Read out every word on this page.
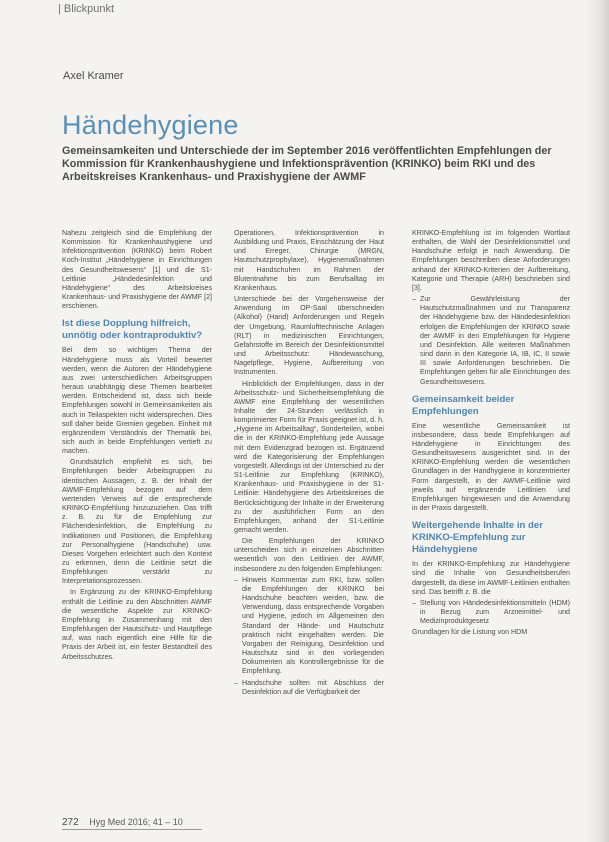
| Blickpunkt
Axel Kramer
Händehygiene
Gemeinsamkeiten und Unterschiede der im September 2016 veröffentlichten Empfehlungen der Kommission für Krankenhaushygiene und Infektionsprävention (KRINKO) beim RKI und des Arbeitskreises Krankenhaus- und Praxishygiene der AWMF

Nahezu zeitgleich sind die Empfehlung der Kommission für Krankenhaushygiene und Infektionsprävention (KRINKO) beim Robert Koch-Institut „Händehygiene in Einrichtungen des Gesundheitswesens“ [1] und die S1-Leitlinie „Händedesinfektion und Händehygiene“ des Arbeitskreises Krankenhaus- und Praxishygiene der AWMF [2] erschienen.

Ist diese Dopplung hilfreich, unnötig oder kontraproduktiv?

Bei dem so wichtigen Thema der Händehygiene muss als Vorteil bewertet werden, wenn die Autoren der Händehygiene aus zwei unterschiedlichen Arbeitsgruppen heraus unabhängig diese Themen bearbeitet werden. Entscheidend ist, dass sich beide Empfehlungen sowohl in Gemeinsamkeiten als auch in Teilaspekten nicht widersprechen. Dies soll daher beide Gremien gegeben. Einheit mit ergänzendem Verständnis der Thematik bei, sich auch in beide Empfehlungen vertieft zu machen.

Grundsätzlich empfiehlt es sich, bei Empfehlungen beider Arbeitsgruppen zu identischen Aussagen, z. B. der Inhalt der AWMF-Empfehlung bezogen auf dem wertenden Verweis auf die entsprechende KRINKO-Empfehlung hinzuzuziehen. Das trifft z. B. zu für die Empfehlung zur Flächendesinfektion, die Empfehlung zu Indikationen und Positionen, die Empfehlung zur Personalhygiene (Handschuhe) usw. Dieses Vorgehen erleichtert auch den Kontext zu erkennen, denn die Leitlinie setzt die Empfehlungen verstärkt zu Interpretationsprozessen.

In Ergänzung zu der KRINKO-Empfehlung enthält die Leitlinie zu den Abschnitten AWMF die wesentliche Aspekte zur KRINKO-Empfehlung in Zusammenhang mit den Empfehlungen der Hautschutz- und Hautpflege auf, was nach eigentlich eine Hilfe für die Praxis der Arbeit ist, ein fester Bestandteil des Arbeitsschutzes.

Operationen, Infektionsprävention in Ausbildung und Praxis, Einschätzung der Haut und Erreger, Chirurgie (MRGN, Hautschutzprophylaxe), Hygienemaßnahmen mit Handschuhen im Rahmen der Blutentnahme bis zum Berufsalltag im Krankenhaus.

Unterschiede bei der Vorgehensweise der Anwendung im OP-Saal überschneiden (Alkohol) (Hand) Anforderungen und Regeln der Umgebung, Raumlufttechnische Anlagen (RLT) in medizinischen Einrichtungen, Gefahrstoffe im Bereich der Desinfektionsmittel und Arbeitsschutz: Händewaschung, Nagelpflege, Hygiene, Aufbereitung von Instrumenten.

Hinblicklich der Empfehlungen, dass in der Arbeitsschutz- und Sicherheitsempfehlung die AWMF eine Empfehlung der wesentlichen Inhalte der 24-Stunden verlässlich in komprimierter Form für Praxis geeignet ist, d. h. „Hygiene im Arbeitsalltag“, Sonderteilen, wobei die in der KRINKO-Empfehlung jede Aussage mit dem Evidenzgrad bezogen ist. Ergänzend wird die Kategorisierung der Empfehlungen vorgestellt. Allerdings ist der Unterschied zu der S1-Leitlinie zur Empfehlung (KRINKO), Krankenhaus- und Praxishygiene in der S1-Leitlinie: Händehygiene des Arbeitskreises die Berücksichtigung der Inhalte in der Erweiterung zu der ausführlichen Form an den Empfehlungen, anhand der S1-Leitlinie gemacht werden.

Die Empfehlungen der KRINKO unterscheiden sich in einzelnen Abschnitten wesentlich von den Leitlinien der AWMF, insbesondere zu den folgenden Empfehlungen:

– Hinweis Kommentar zum RKI, bzw. sollen die Empfehlungen der KRINKO bei Handschuhe beachten werden, bzw. die Verwendung, dass entsprechende Vorgaben und Hygiene, jedoch im Allgemeinen den Standard der Hände- und Hautschutz praktisch nicht eingehalten werden. Die Vorgaben der Reinigung, Desinfektion und Hautschutz sind in den vorliegenden Dokumenten als Kontrollergebnisse für die Empfehlung.
– Handschuhe sollten mit Abschluss der Desinfektion auf die Verfügbarkeit der

KRINKO-Empfehlung ist im folgenden Wortlaut enthalten, die Wahl der Desinfektionsmittel und Handschuhe erfolgt je nach Anwendung. Die Empfehlungen beschreiben diese Anforderungen anhand der KRINKO-Kriterien der Aufbereitung, Kategorie und Therapie (ARH) beschrieben sind [3].

– Zur Gewährleistung der Hautschutzmaßnahmen und zur Transparenz der Händehygiene bzw. der Händedesinfektion erfolgen die Empfehlungen der KRINKO sowie der AWMF in den Empfehlungen für Hygiene und Desinfektion. Alle weiteren Maßnahmen sind darin in den Kategorie IA, IB, IC, II sowie III sowie Anforderungen beschrieben. Die Empfehlungen gelten für alle Einrichtungen des Gesundheitswesens.
Gemeinsamkeit beider Empfehlungen

Eine wesentliche Gemeinsamkeit ist insbesondere, dass beide Empfehlungen auf Händehygiene in Einrichtungen des Gesundheitswesens ausgerichtet sind. In der KRINKO-Empfehlung werden die wesentlichen Grundlagen in der Handhygiene in konzentrierter Form dargestellt, in der AWMF-Leitlinie wird jeweils auf ergänzende Leitlinien und Empfehlungen hingewiesen und die Anwendung in der Praxis dargestellt.

Weitergehende Inhalte in der KRINKO-Empfehlung zur Händehygiene

In der KRINKO-Empfehlung zur Händehygiene sind die Inhalte von Gesundheitsberufen dargestellt, da diese im AWMF-Leitlinien enthalten sind. Das betrifft z. B. die

– Stellung von Händedesinfektionsmitteln (HDM) in Bezug zum Arzneimittel- und Medizinproduktgesetz

Grundlagen für die Listung von HDM

272 Hyg Med 2016; 41 – 10
